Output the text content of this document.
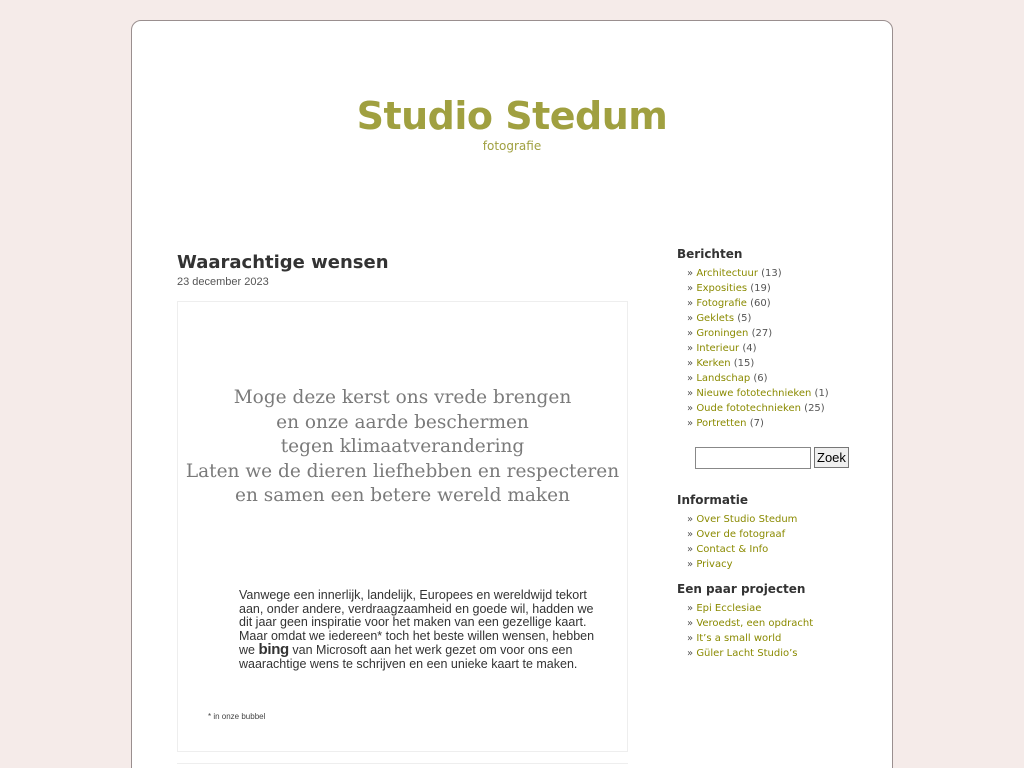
Studio Stedum
fotografie
Waarachtige wensen
23 december 2023
Moge deze kerst ons vrede brengen
en onze aarde beschermen
tegen klimaatverandering
Laten we de dieren liefhebben en respecteren
en samen een betere wereld maken
Vanwege een innerlijk, landelijk, Europees en wereldwijd tekort
aan, onder andere, verdraagzaamheid en goede wil, hadden we
dit jaar geen inspiratie voor het maken van een gezellige kaart.
Maar omdat we iedereen* toch het beste willen wensen, hebben
we bing van Microsoft aan het werk gezet om voor ons een
waarachtige wens te schrijven en een unieke kaart te maken.
* in onze bubbel
Berichten
» Architectuur (13)
» Exposities (19)
» Fotografie (60)
» Geklets (5)
» Groningen (27)
» Interieur (4)
» Kerken (15)
» Landschap (6)
» Nieuwe fototechnieken (1)
» Oude fototechnieken (25)
» Portretten (7)
Zoek
Informatie
» Over Studio Stedum
» Over de fotograaf
» Contact & Info
» Privacy
Een paar projecten
» Epi Ecclesiae
» Veroedst, een opdracht
» It’s a small world
» Güler Lacht Studio’s
